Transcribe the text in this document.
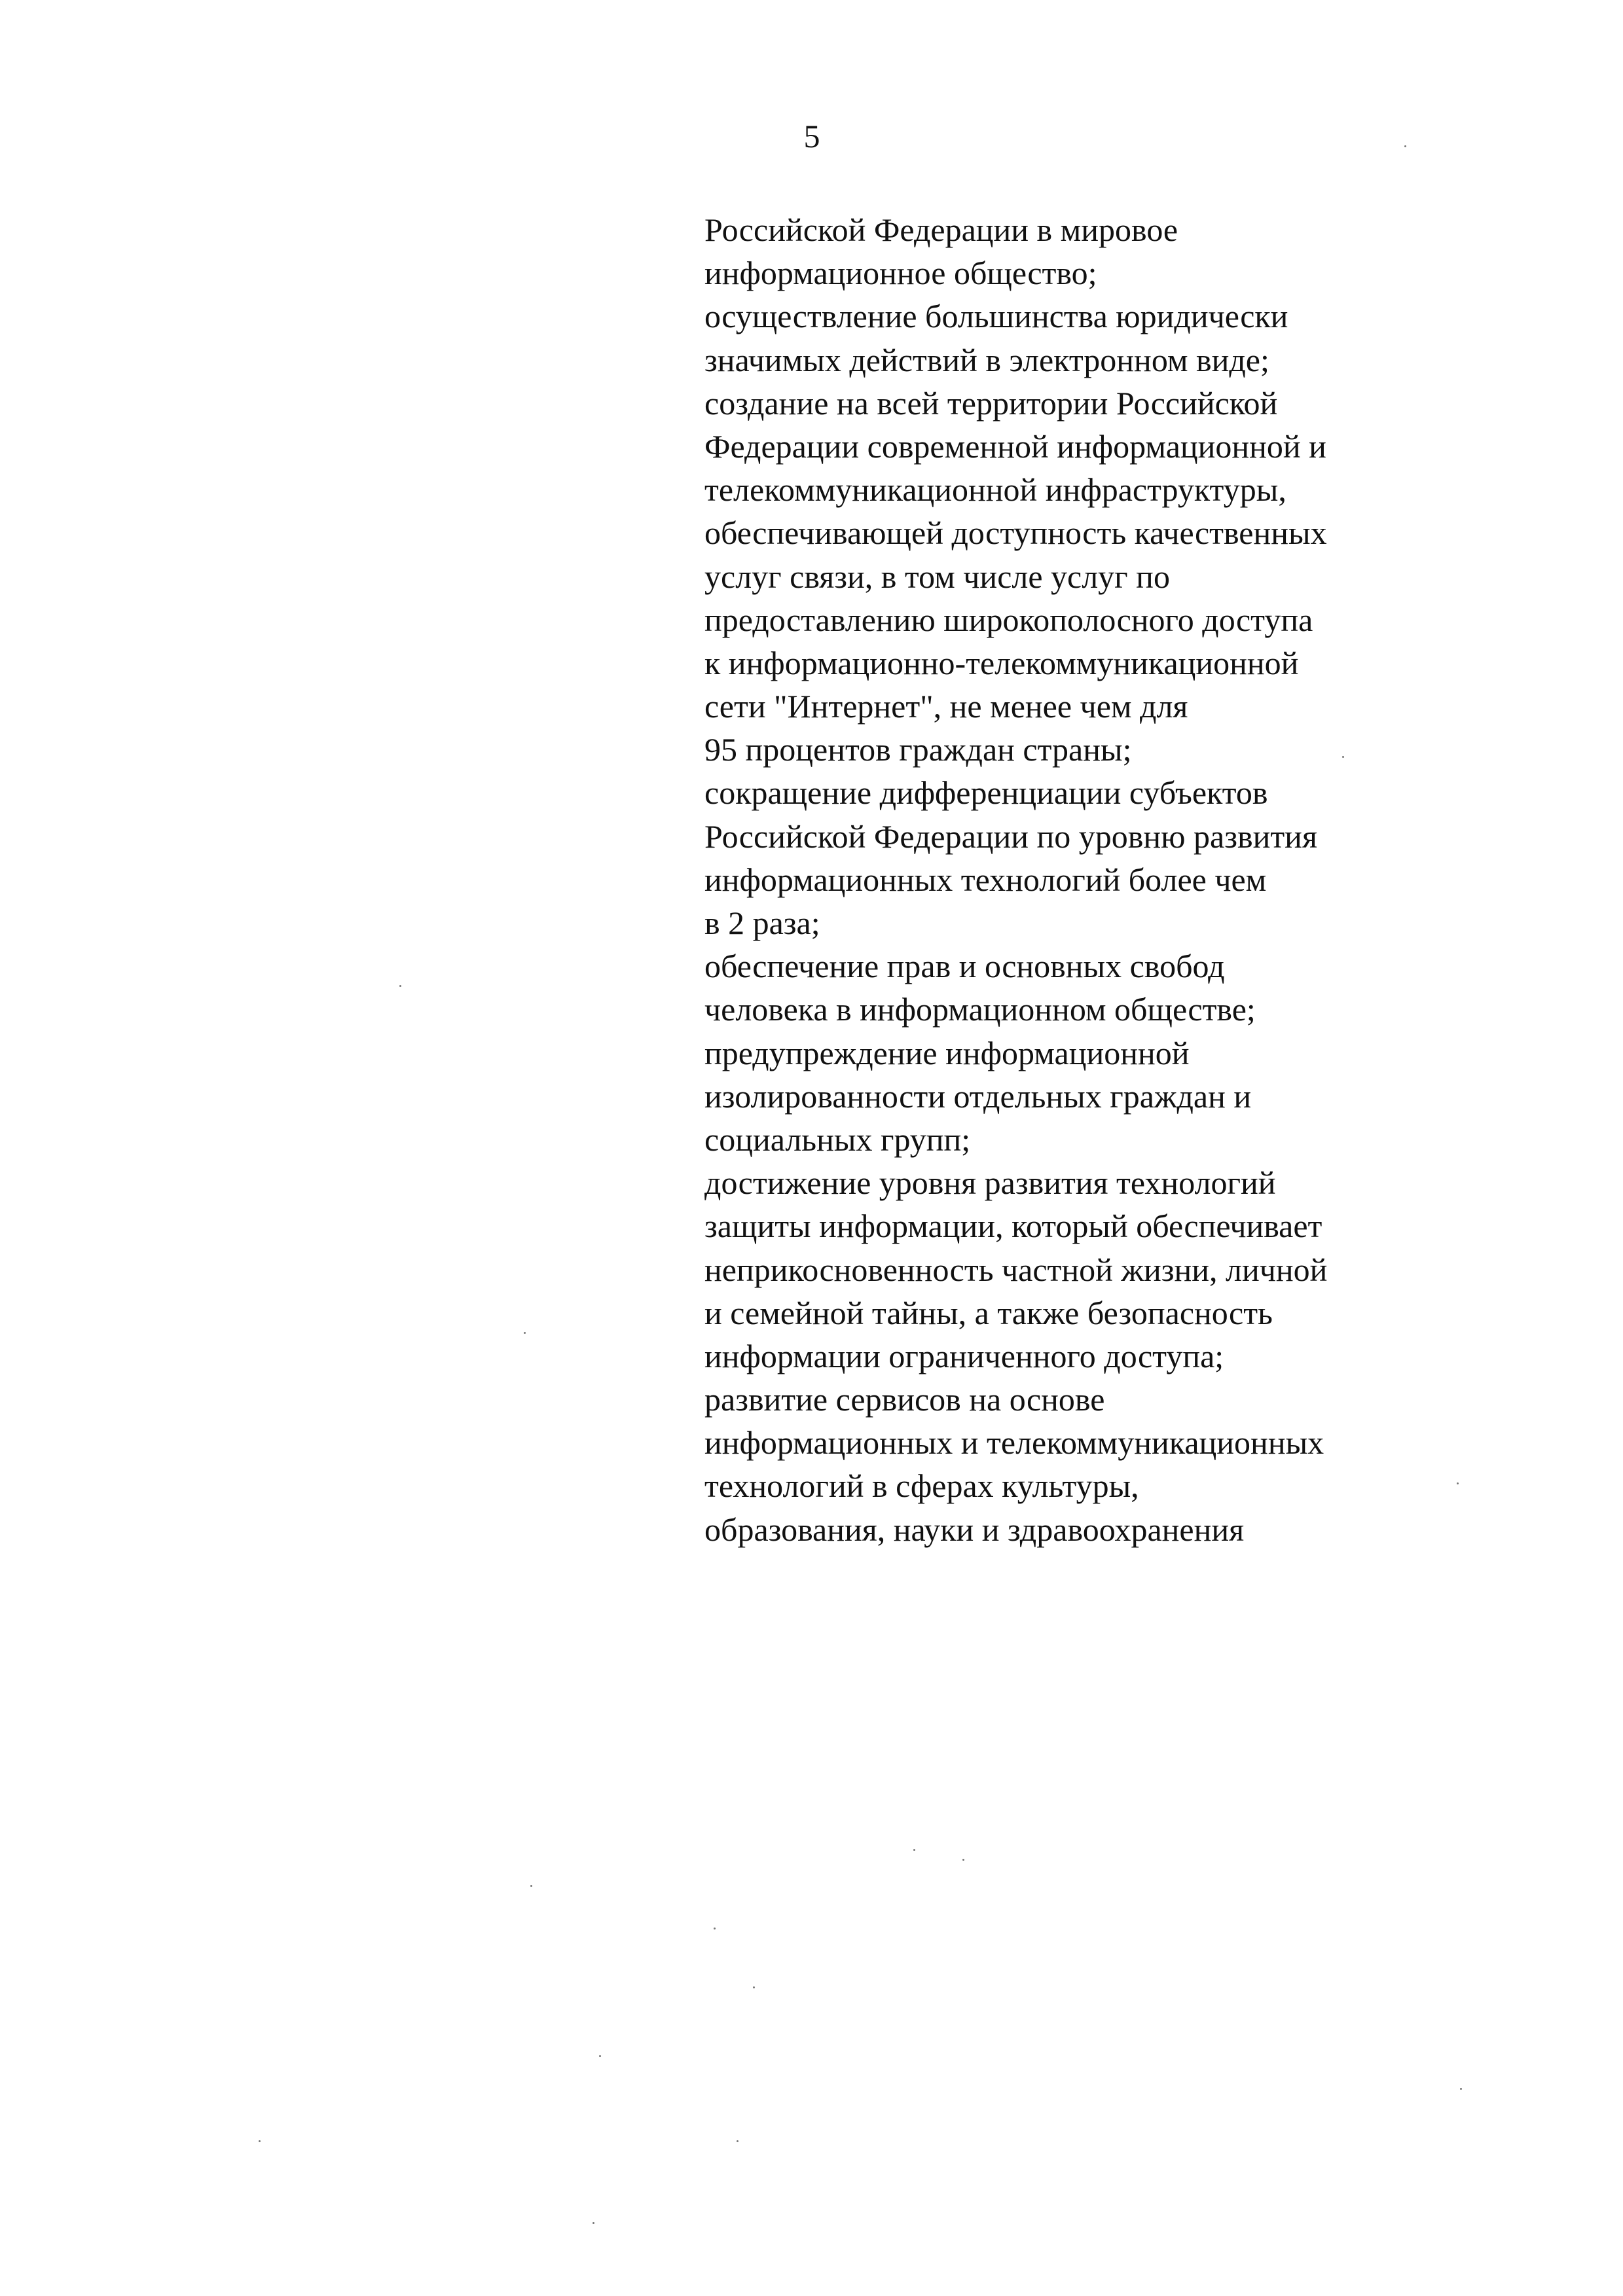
5
Российской Федерации в мировое
информационное общество;
осуществление большинства юридически
значимых действий в электронном виде;
создание на всей территории Российской
Федерации современной информационной и
телекоммуникационной инфраструктуры,
обеспечивающей доступность качественных
услуг связи, в том числе услуг по
предоставлению широкополосного доступа
к информационно-телекоммуникационной
сети "Интернет", не менее чем для
95 процентов граждан страны;
сокращение дифференциации субъектов
Российской Федерации по уровню развития
информационных технологий более чем
в 2 раза;
обеспечение прав и основных свобод
человека в информационном обществе;
предупреждение информационной
изолированности отдельных граждан и
социальных групп;
достижение уровня развития технологий
защиты информации, который обеспечивает
неприкосновенность частной жизни, личной
и семейной тайны, а также безопасность
информации ограниченного доступа;
развитие сервисов на основе
информационных и телекоммуникационных
технологий в сферах культуры,
образования, науки и здравоохранения
